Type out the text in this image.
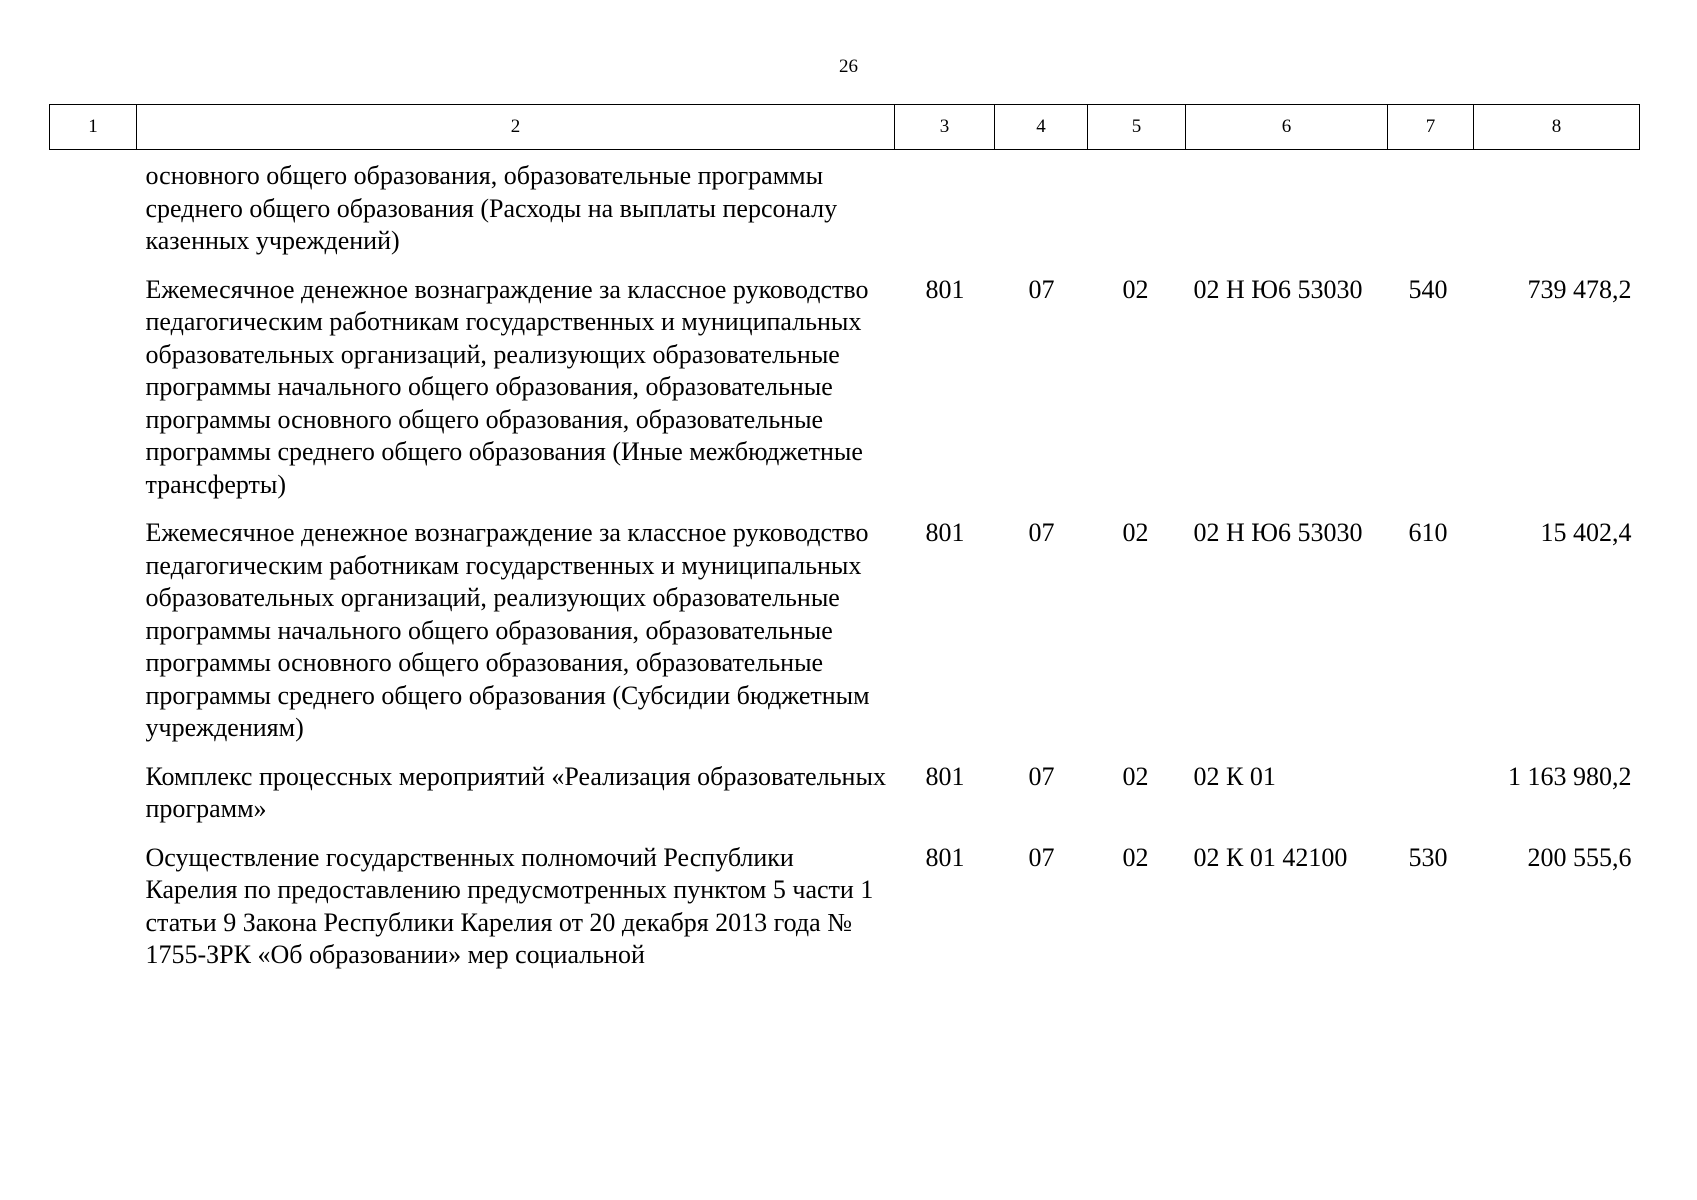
26
1	2	3	4	5	6	7	8
	основного общего образования, образовательные программы среднего общего образования (Расходы на выплаты персоналу казенных учреждений)						
	Ежемесячное денежное вознаграждение за классное руководство педагогическим работникам государственных и муниципальных образовательных организаций, реализующих образовательные программы начального общего образования, образовательные программы основного общего образования, образовательные программы среднего общего образования (Иные межбюджетные трансферты)	801	07	02	02 Н Ю6 53030	540	739 478,2
	Ежемесячное денежное вознаграждение за классное руководство педагогическим работникам государственных и муниципальных образовательных организаций, реализующих образовательные программы начального общего образования, образовательные программы основного общего образования, образовательные программы среднего общего образования (Субсидии бюджетным учреждениям)	801	07	02	02 Н Ю6 53030	610	15 402,4
	Комплекс процессных мероприятий «Реализация образовательных программ»	801	07	02	02 К 01		1 163 980,2
	Осуществление государственных полномочий Республики Карелия по предоставлению предусмотренных пунктом 5 части 1 статьи 9 Закона Республики Карелия от 20 декабря 2013 года № 1755-ЗРК «Об образовании» мер социальной	801	07	02	02 К 01 42100	530	200 555,6
